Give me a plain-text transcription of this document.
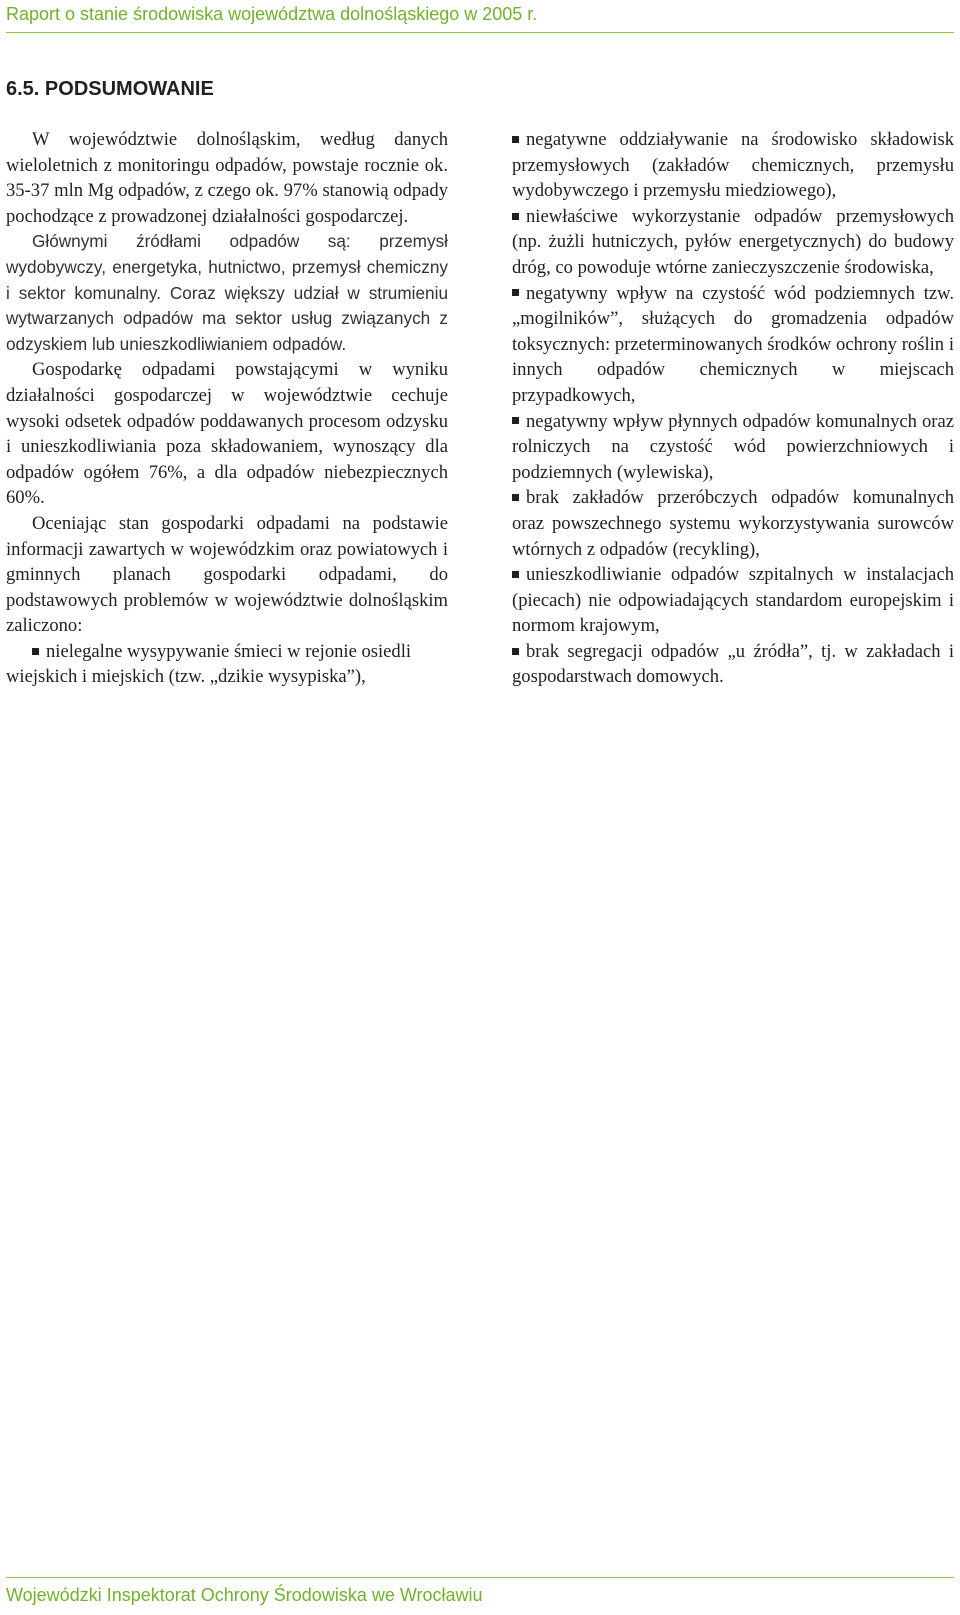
Raport o stanie środowiska województwa dolnośląskiego w 2005 r.
6.5. PODSUMOWANIE

W województwie dolnośląskim, według danych wieloletnich z monitoringu odpadów, powstaje rocznie ok. 35-37 mln Mg odpadów, z czego ok. 97% stanowią odpady pochodzące z prowadzonej działalności gospodarczej.

Głównymi źródłami odpadów są: przemysł wydobywczy, energetyka, hutnictwo, przemysł chemiczny i sektor komunalny. Coraz większy udział w strumieniu wytwarzanych odpadów ma sektor usług związanych z odzyskiem lub unieszkodliwianiem odpadów.

Gospodarkę odpadami powstającymi w wyniku działalności gospodarczej w województwie cechuje wysoki odsetek odpadów poddawanych procesom odzysku i unieszkodliwiania poza składowaniem, wynoszący dla odpadów ogółem 76%, a dla odpadów niebezpiecznych 60%.

Oceniając stan gospodarki odpadami na podstawie informacji zawartych w wojewódzkim oraz powiatowych i gminnych planach gospodarki odpadami, do podstawowych problemów w województwie dolnośląskim zaliczono:

nielegalne wysypywanie śmieci w rejonie osiedli
wiejskich i miejskich (tzw. „dzikie wysypiska”),
negatywne oddziaływanie na środowisko składowisk przemysłowych (zakładów chemicznych, przemysłu wydobywczego i przemysłu miedziowego),
niewłaściwe wykorzystanie odpadów przemysłowych (np. żużli hutniczych, pyłów energetycznych) do budowy dróg, co powoduje wtórne zanieczyszczenie środowiska,
negatywny wpływ na czystość wód podziemnych tzw. „mogilników”, służących do gromadzenia odpadów toksycznych: przeterminowanych środków ochrony roślin i innych odpadów chemicznych w miejscach przypadkowych,
negatywny wpływ płynnych odpadów komunalnych oraz rolniczych na czystość wód powierzchniowych i podziemnych (wylewiska),
brak zakładów przeróbczych odpadów komunalnych oraz powszechnego systemu wykorzystywania surowców wtórnych z odpadów (recykling),
unieszkodliwianie odpadów szpitalnych w instalacjach (piecach) nie odpowiadających standardom europejskim i normom krajowym,
brak segregacji odpadów „u źródła”, tj. w zakładach i gospodarstwach domowych.
Wojewódzki Inspektorat Ochrony Środowiska we Wrocławiu
